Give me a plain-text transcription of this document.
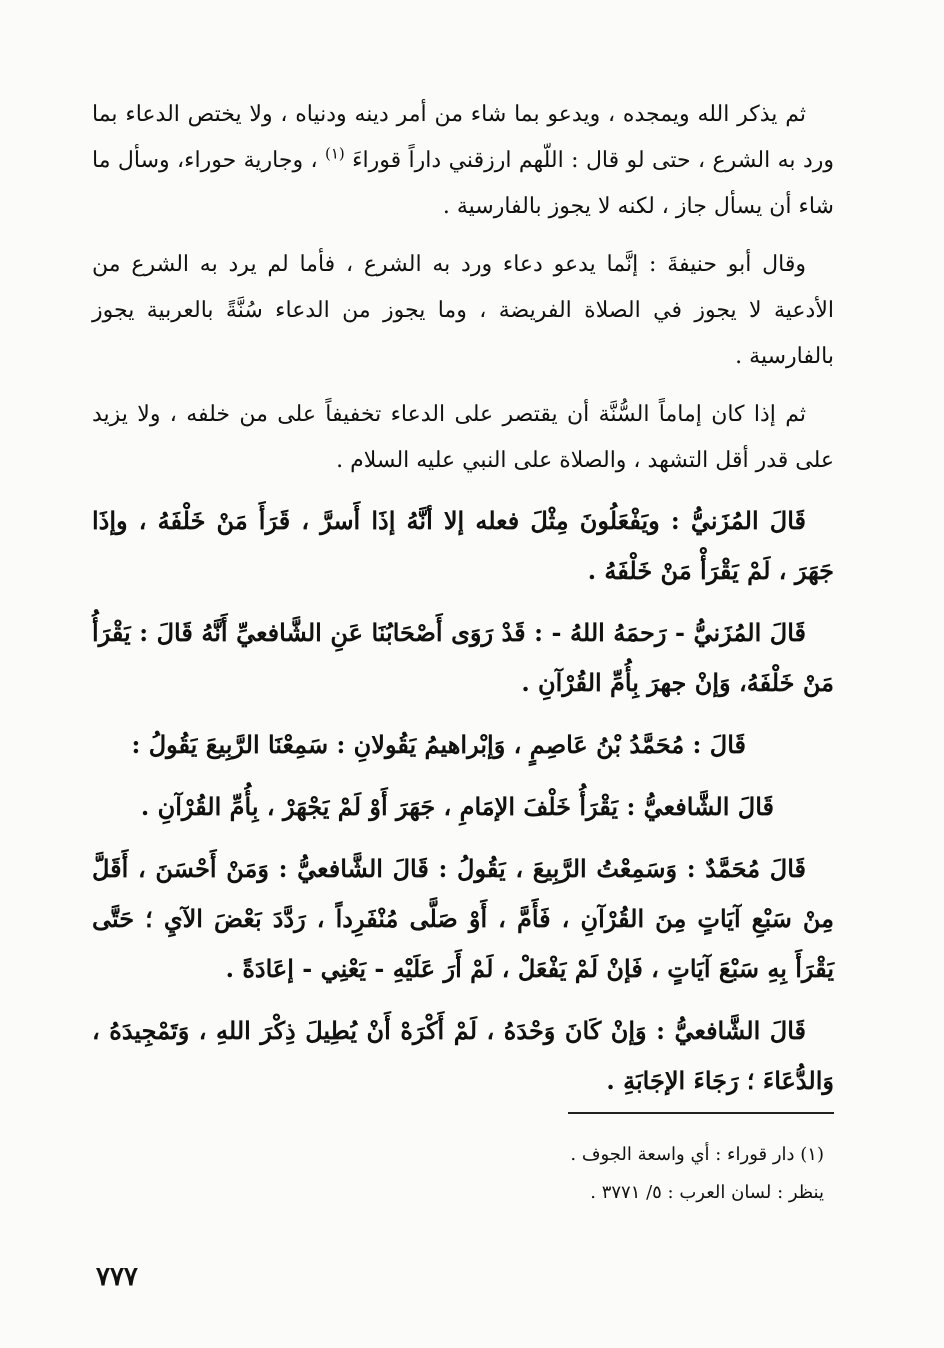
ثم يذكر الله ويمجده ، ويدعو بما شاء من أمر دينه ودنياه ، ولا يختص الدعاء بما ورد به الشرع ، حتى لو قال : اللّهم ارزقني داراً قوراءَ $^{(١)}$ ، وجارية حوراء، وسأل ما شاء أن يسأل جاز ، لكنه لا يجوز بالفارسية .

وقال أبو حنيفةَ : إنَّما يدعو دعاء ورد به الشرع ، فأما لم يرد به الشرع من الأدعية لا يجوز في الصلاة الفريضة ، وما يجوز من الدعاء سُنَّةً بالعربية يجوز بالفارسية .

ثم إذا كان إماماً السُّنَّة أن يقتصر على الدعاء تخفيفاً على من خلفه ، ولا يزيد على قدر أقل التشهد ، والصلاة على النبي عليه السلام .

قَالَ المُزَنيُّ : ويَفْعَلُونَ مِثْلَ فعله إلا أنَّهُ إذَا أَسرَّ ، قَرَأَ مَنْ خَلْفَهُ ، وإذَا جَهَرَ ، لَمْ يَقْرَأْ مَنْ خَلْفَهُ .

قَالَ المُزَنيُّ - رَحمَهُ اللهُ - : قَدْ رَوَى أَصْحَابُنَا عَنِ الشَّافعيِّ أَنَّهُ قَالَ : يَقْرَأُ مَنْ خَلْفَهُ، وَإنْ جهرَ بِأُمِّ القُرْآنِ .

قَالَ : مُحَمَّدُ بْنُ عَاصِمٍ ، وَإبْراهيمُ يَقُولانِ : سَمِعْنَا الرَّبِيعَ يَقُولُ :

قَالَ الشَّافعيُّ : يَقْرَأُ خَلْفَ الإمَامِ ، جَهَرَ أَوْ لَمْ يَجْهَرْ ، بِأُمِّ القُرْآنِ .

قَالَ مُحَمَّدٌ : وَسَمِعْتُ الرَّبِيعَ ، يَقُولُ : قَالَ الشَّافعيُّ : وَمَنْ أَحْسَنَ ، أَقَلَّ مِنْ سَبْعِ آيَاتٍ مِنَ القُرْآنِ ، فَأَمَّ ، أَوْ صَلَّى مُنْفَرِداً ، رَدَّدَ بَعْضَ الآيِ ؛ حَتَّى يَقْرَأَ بِهِ سَبْعَ آيَاتٍ ، فَإنْ لَمْ يَفْعَلْ ، لَمْ أَرَ عَلَيْهِ - يَعْنِي - إعَادَةً .

قَالَ الشَّافعيُّ : وَإنْ كَانَ وَحْدَهُ ، لَمْ أَكْرَهْ أَنْ يُطِيلَ ذِكْرَ اللهِ ، وَتَمْجِيدَهُ ، وَالدُّعَاءَ ؛ رَجَاءَ الإجَابَةِ .

(١) دار قوراء : أي واسعة الجوف .

ينظر : لسان العرب : ٥/ ٣٧٧١ .

٧٧٧
